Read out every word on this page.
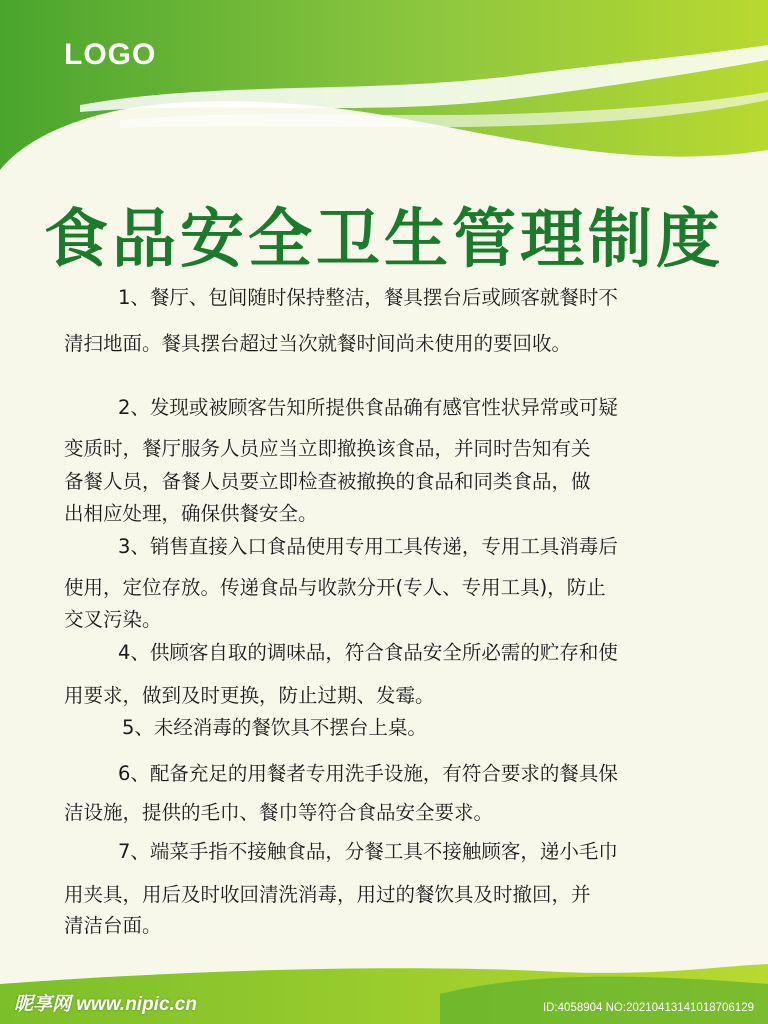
LOGO
食品安全卫生管理制度
1、餐厅、包间随时保持整洁，餐具摆台后或顾客就餐时不
清扫地面。餐具摆台超过当次就餐时间尚未使用的要回收。
2、发现或被顾客告知所提供食品确有感官性状异常或可疑
变质时，餐厅服务人员应当立即撤换该食品，并同时告知有关
备餐人员，备餐人员要立即检查被撤换的食品和同类食品，做
出相应处理，确保供餐安全。
3、销售直接入口食品使用专用工具传递，专用工具消毒后
使用，定位存放。传递食品与收款分开(专人、专用工具)，防止
交叉污染。
4、供顾客自取的调味品，符合食品安全所必需的贮存和使
用要求，做到及时更换，防止过期、发霉。
5、未经消毒的餐饮具不摆台上桌。
6、配备充足的用餐者专用洗手设施，有符合要求的餐具保
洁设施，提供的毛巾、餐巾等符合食品安全要求。
7、端菜手指不接触食品，分餐工具不接触顾客，递小毛巾
用夹具，用后及时收回清洗消毒，用过的餐饮具及时撤回，并
清洁台面。
昵享网 www.nipic.cn	ID:4058904 NO:20210413141018706129
